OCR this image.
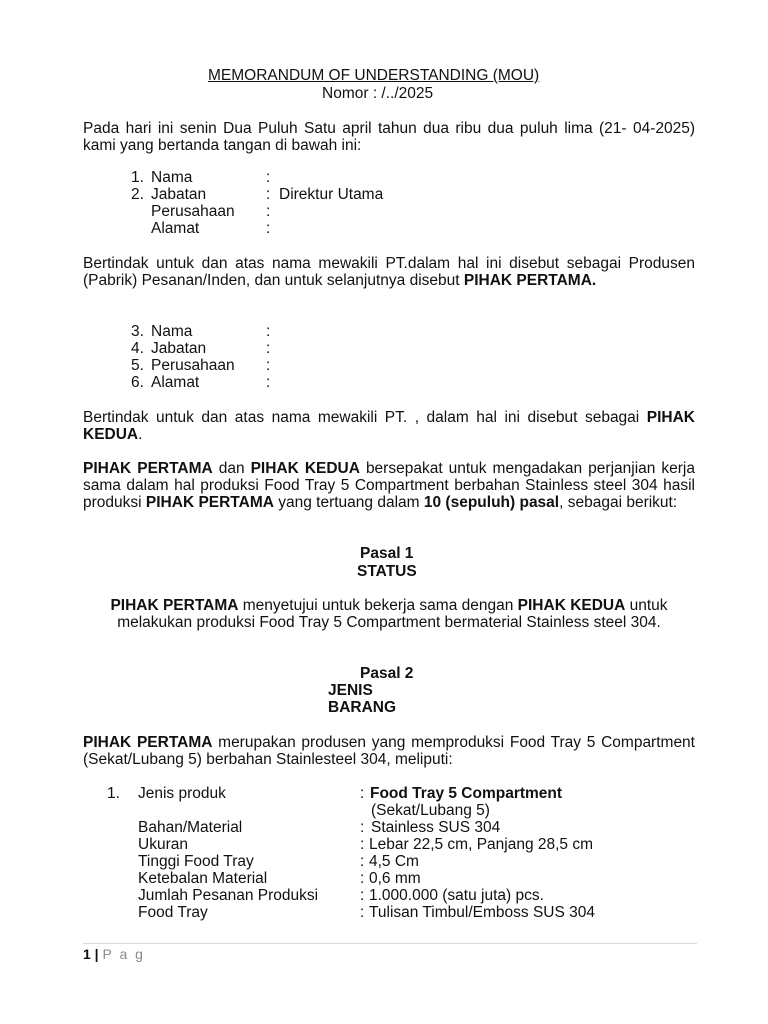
MEMORANDUM OF UNDERSTANDING (MOU)
Nomor : /../2025
Pada hari ini senin Dua Puluh Satu april tahun dua ribu dua puluh lima (21- 04-2025) kami yang bertanda tangan di bawah ini:
1. Nama	:
2. Jabatan	: Direktur Utama
Perusahaan :
Alamat	:
Bertindak untuk dan atas nama mewakili PT.dalam hal ini disebut sebagai Produsen (Pabrik) Pesanan/Inden, dan untuk selanjutnya disebut PIHAK PERTAMA.
3. Nama	:
4. Jabatan	:
5. Perusahaan :
6. Alamat	:
Bertindak untuk dan atas nama mewakili PT. , dalam hal ini disebut sebagai PIHAK KEDUA.
PIHAK PERTAMA dan PIHAK KEDUA bersepakat untuk mengadakan perjanjian kerja sama dalam hal produksi Food Tray 5 Compartment berbahan Stainless steel 304 hasil produksi PIHAK PERTAMA yang tertuang dalam 10 (sepuluh) pasal, sebagai berikut:
Pasal 1
STATUS
PIHAK PERTAMA menyetujui untuk bekerja sama dengan PIHAK KEDUA untuk melakukan produksi Food Tray 5 Compartment bermaterial Stainless steel 304.
Pasal 2
JENIS
BARANG
PIHAK PERTAMA merupakan produsen yang memproduksi Food Tray 5 Compartment (Sekat/Lubang 5) berbahan Stainlesteel 304, meliputi:
1. Jenis produk	: Food Tray 5 Compartment
(Sekat/Lubang 5)
Bahan/Material	: Stainless SUS 304
Ukuran	: Lebar 22,5 cm, Panjang 28,5 cm
Tinggi Food Tray	: 4,5 Cm
Ketebalan Material	: 0,6 mm
Jumlah Pesanan Produksi	: 1.000.000 (satu juta) pcs.
Food Tray	: Tulisan Timbul/Emboss SUS 304
1 | P a g
